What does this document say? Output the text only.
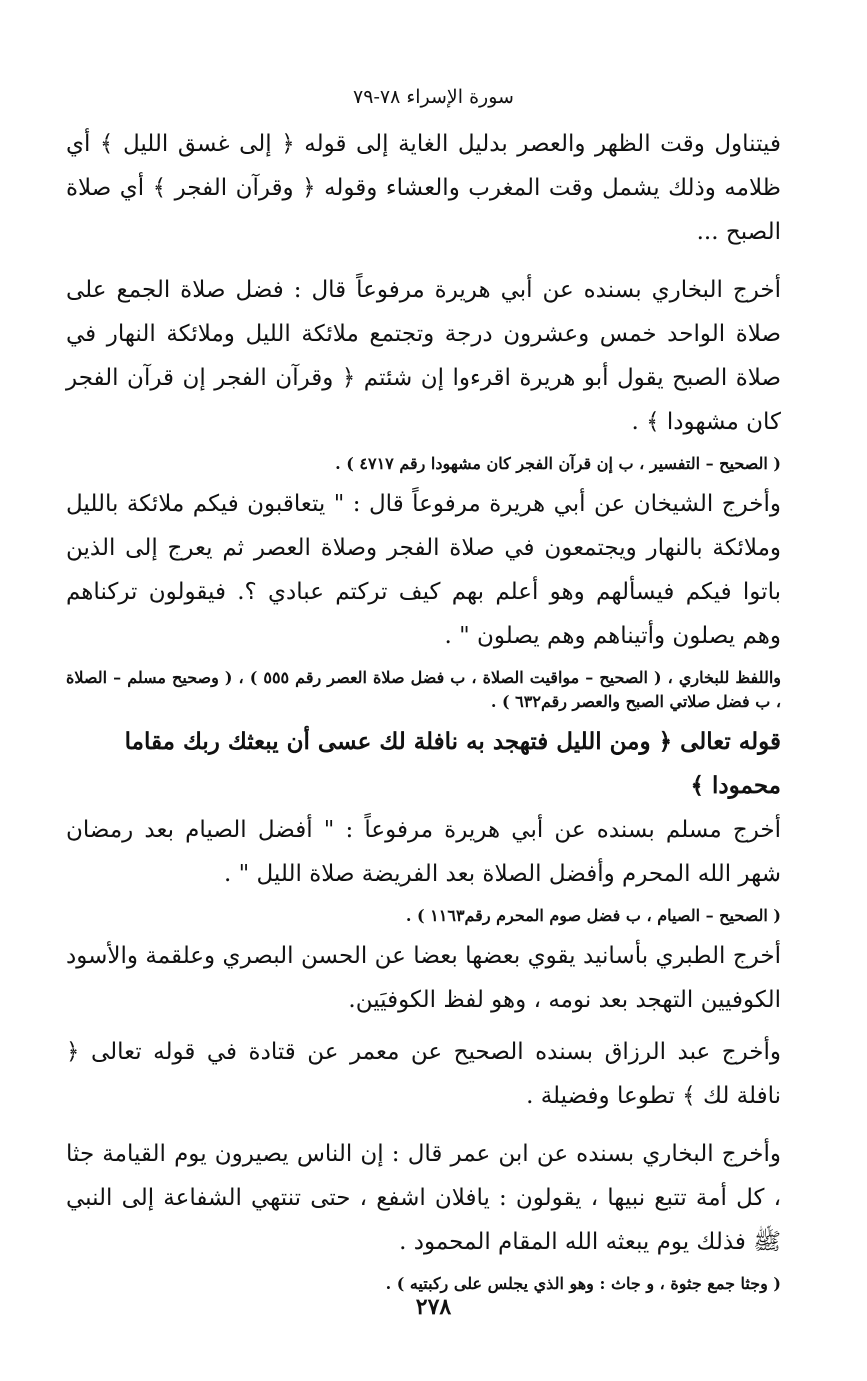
سورة الإسراء ٧٨-٧٩

فيتناول وقت الظهر والعصر بدليل الغاية إلى قوله ﴿ إلى غسق الليل ﴾ أي ظلامه وذلك يشمل وقت المغرب والعشاء وقوله ﴿ وقرآن الفجر ﴾ أي صلاة الصبح ...

أخرج البخاري بسنده عن أبي هريرة مرفوعاً قال : فضل صلاة الجمع على صلاة الواحد خمس وعشرون درجة وتجتمع ملائكة الليل وملائكة النهار في صلاة الصبح يقول أبو هريرة اقرءوا إن شئتم ﴿ وقرآن الفجر إن قرآن الفجر كان مشهودا ﴾ .

( الصحيح – التفسير ، ب إن قرآن الفجر كان مشهودا رقم ٤٧١٧ ) .

وأخرج الشيخان عن أبي هريرة مرفوعاً قال : " يتعاقبون فيكم ملائكة بالليل وملائكة بالنهار ويجتمعون في صلاة الفجر وصلاة العصر ثم يعرج إلى الذين باتوا فيكم فيسألهم وهو أعلم بهم كيف تركتم عبادي ؟. فيقولون تركناهم وهم يصلون وأتيناهم وهم يصلون " .

واللفظ للبخاري ، ( الصحيح – مواقيت الصلاة ، ب فضل صلاة العصر رقم ٥٥٥ ) ، ( وصحيح مسلم – الصلاة ، ب فضل صلاتي الصبح والعصر رقم٦٣٢ ) .

قوله تعالى ﴿ ومن الليل فتهجد به نافلة لك عسى أن يبعثك ربك مقاما محمودا ﴾

أخرج مسلم بسنده عن أبي هريرة مرفوعاً : " أفضل الصيام بعد رمضان شهر الله المحرم وأفضل الصلاة بعد الفريضة صلاة الليل " .

( الصحيح – الصيام ، ب فضل صوم المحرم رقم١١٦٣ ) .

أخرج الطبري بأسانيد يقوي بعضها بعضا عن الحسن البصري وعلقمة والأسود الكوفيين التهجد بعد نومه ، وهو لفظ الكوفيَين.

وأخرج عبد الرزاق بسنده الصحيح عن معمر عن قتادة في قوله تعالى ﴿ نافلة لك ﴾ تطوعا وفضيلة .

وأخرج البخاري بسنده عن ابن عمر قال : إن الناس يصيرون يوم القيامة جثا ، كل أمة تتبع نبيها ، يقولون : يافلان اشفع ، حتى تنتهي الشفاعة إلى النبي ﷺ فذلك يوم يبعثه الله المقام المحمود .

( وجثا جمع جثوة ، و جاث : وهو الذي يجلس على ركبتيه ) .

٢٧٨
